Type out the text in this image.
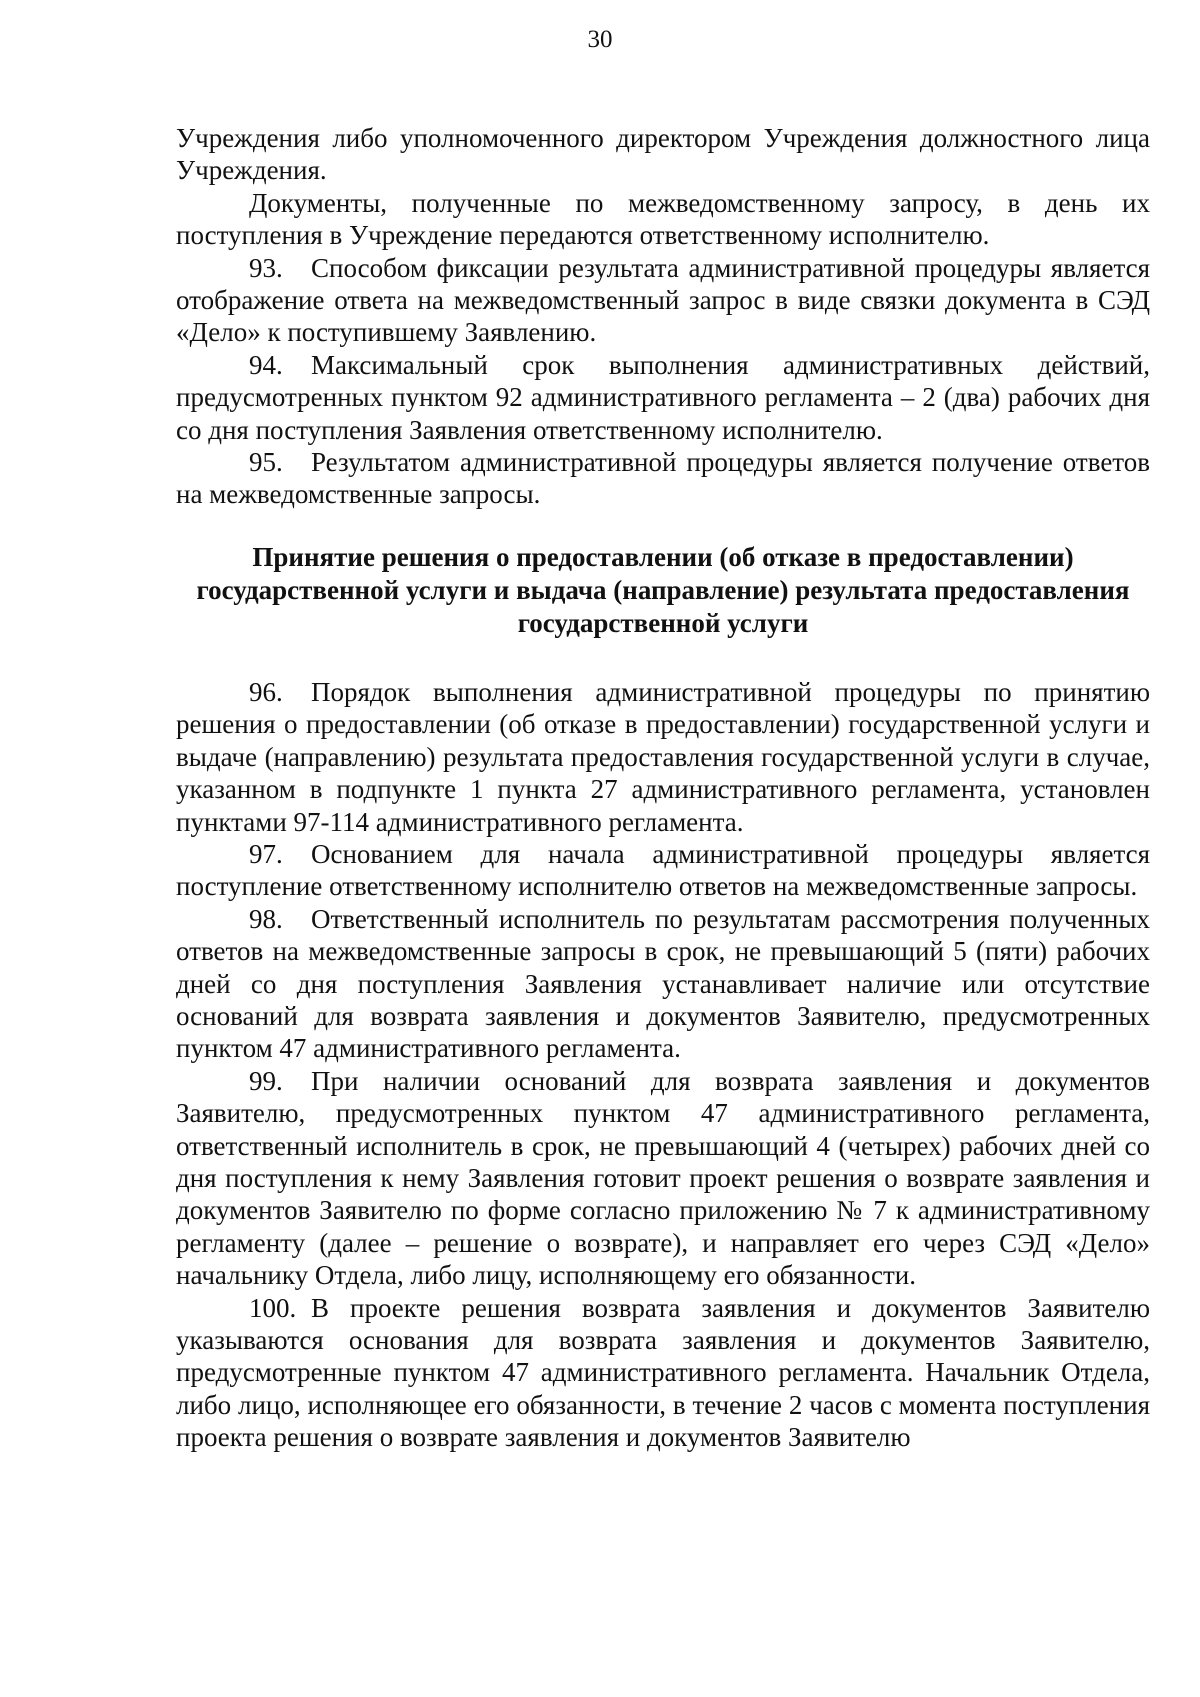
30

Учреждения либо уполномоченного директором Учреждения должностного лица Учреждения.

Документы, полученные по межведомственному запросу, в день их поступления в Учреждение передаются ответственному исполнителю.

93. Способом фиксации результата административной процедуры является отображение ответа на межведомственный запрос в виде связки документа в СЭД «Дело» к поступившему Заявлению.

94. Максимальный срок выполнения административных действий, предусмотренных пунктом 92 административного регламента – 2 (два) рабочих дня со дня поступления Заявления ответственному исполнителю.

95. Результатом административной процедуры является получение ответов на межведомственные запросы.

Принятие решения о предоставлении (об отказе в предоставлении) государственной услуги и выдача (направление) результата предоставления государственной услуги

96. Порядок выполнения административной процедуры по принятию решения о предоставлении (об отказе в предоставлении) государственной услуги и выдаче (направлению) результата предоставления государственной услуги в случае, указанном в подпункте 1 пункта 27 административного регламента, установлен пунктами 97-114 административного регламента.

97. Основанием для начала административной процедуры является поступление ответственному исполнителю ответов на межведомственные запросы.

98. Ответственный исполнитель по результатам рассмотрения полученных ответов на межведомственные запросы в срок, не превышающий 5 (пяти) рабочих дней со дня поступления Заявления устанавливает наличие или отсутствие оснований для возврата заявления и документов Заявителю, предусмотренных пунктом 47 административного регламента.

99. При наличии оснований для возврата заявления и документов Заявителю, предусмотренных пунктом 47 административного регламента, ответственный исполнитель в срок, не превышающий 4 (четырех) рабочих дней со дня поступления к нему Заявления готовит проект решения о возврате заявления и документов Заявителю по форме согласно приложению № 7 к административному регламенту (далее – решение о возврате), и направляет его через СЭД «Дело» начальнику Отдела, либо лицу, исполняющему его обязанности.

100. В проекте решения возврата заявления и документов Заявителю указываются основания для возврата заявления и документов Заявителю, предусмотренные пунктом 47 административного регламента. Начальник Отдела, либо лицо, исполняющее его обязанности, в течение 2 часов с момента поступления проекта решения о возврате заявления и документов Заявителю
